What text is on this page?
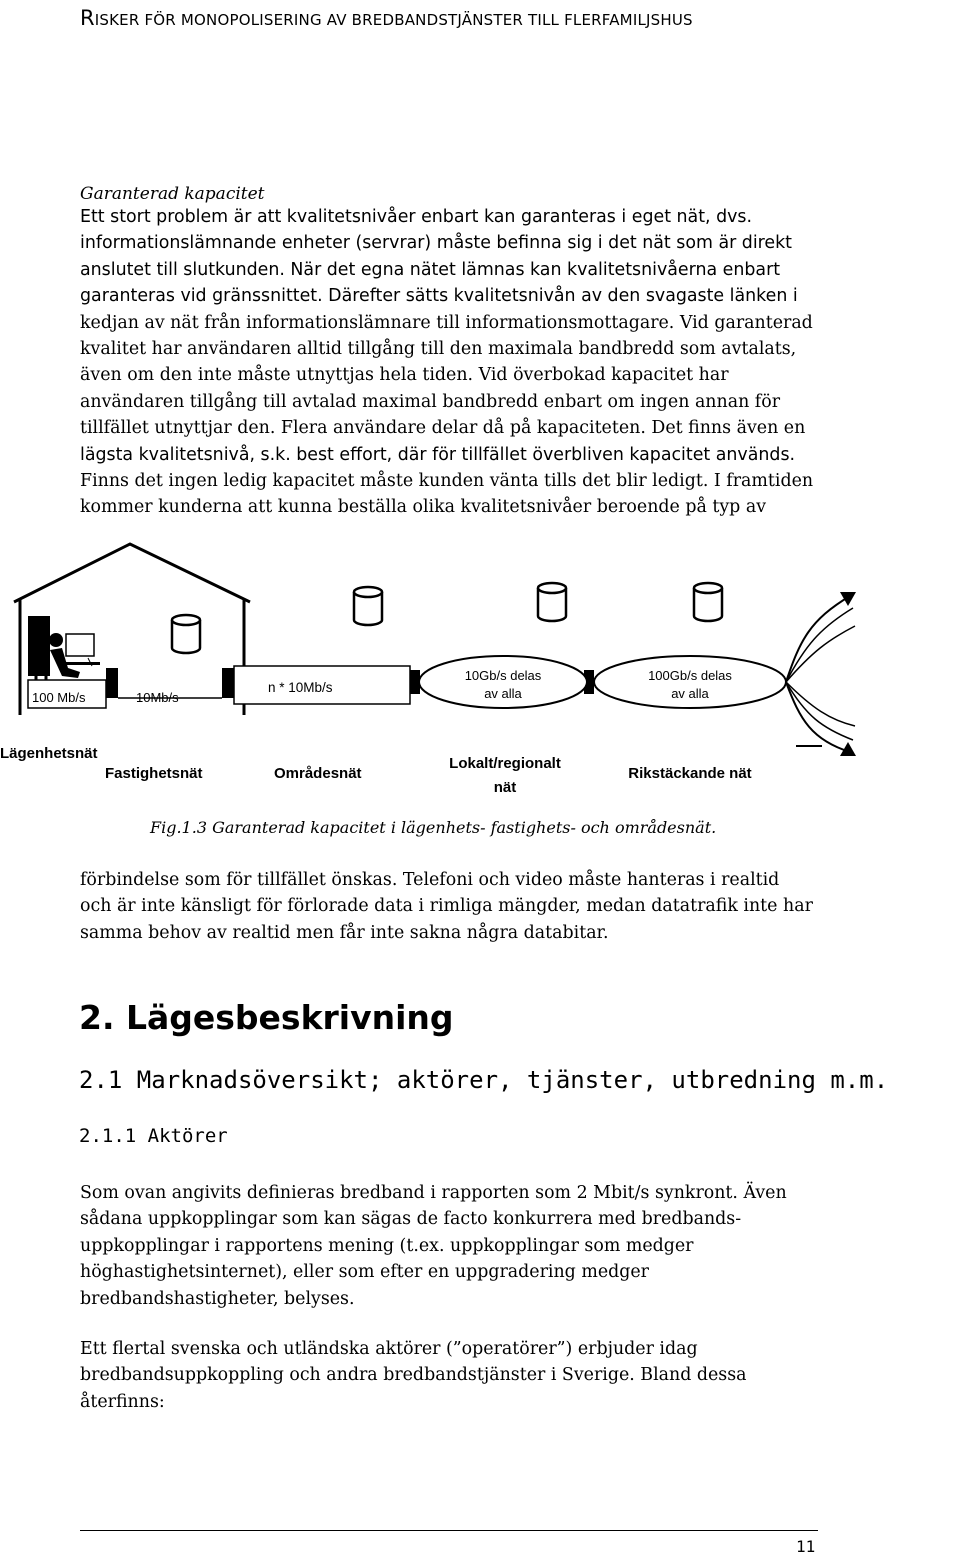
RISKER FÖR MONOPOLISERING AV BREDBANDSTJÄNSTER TILL FLERFAMILJSHUS
Garanterad kapacitet
Ett stort problem är att kvalitetsnivåer enbart kan garanteras i eget nät, dvs.
informationslämnande enheter (servrar) måste befinna sig i det nät som är direkt
anslutet till slutkunden. När det egna nätet lämnas kan kvalitetsnivåerna enbart
garanteras vid gränssnittet. Därefter sätts kvalitetsnivån av den svagaste länken i
kedjan av nät från informationslämnare till informationsmottagare. Vid garanterad
kvalitet har användaren alltid tillgång till den maximala bandbredd som avtalats,
även om den inte måste utnyttjas hela tiden. Vid överbokad kapacitet har
användaren tillgång till avtalad maximal bandbredd enbart om ingen annan för
tillfället utnyttjar den. Flera användare delar då på kapaciteten. Det finns även en
lägsta kvalitetsnivå, s.k. best effort, där för tillfället överbliven kapacitet används.
Finns det ingen ledig kapacitet måste kunden vänta tills det blir ledigt. I framtiden
kommer kunderna att kunna beställa olika kvalitetsnivåer beroende på typ av
100 Mb/s	10Mb/s
n * 10Mb/s
10Gb/s delas
av alla
100Gb/s delas
av alla
Lägenhetsnät
Fastighetsnät	Områdesnät
Lokalt/regionalt
nät
Rikstäckande nät
Fig.1.3 Garanterad kapacitet i lägenhets- fastighets- och områdesnät.
förbindelse som för tillfället önskas. Telefoni och video måste hanteras i realtid
och är inte känsligt för förlorade data i rimliga mängder, medan datatrafik inte har
samma behov av realtid men får inte sakna några databitar.
2. Lägesbeskrivning
2.1 Marknadsöversikt; aktörer, tjänster, utbredning m.m.
2.1.1 Aktörer
Som ovan angivits definieras bredband i rapporten som 2 Mbit/s synkront. Även
sådana uppkopplingar som kan sägas de facto konkurrera med bredbands-
uppkopplingar i rapportens mening (t.ex. uppkopplingar som medger
höghastighetsinternet), eller som efter en uppgradering medger
bredbandshastigheter, belyses.
Ett flertal svenska och utländska aktörer (”operatörer”) erbjuder idag
bredbandsuppkoppling och andra bredbandstjänster i Sverige. Bland dessa
återfinns:
11
